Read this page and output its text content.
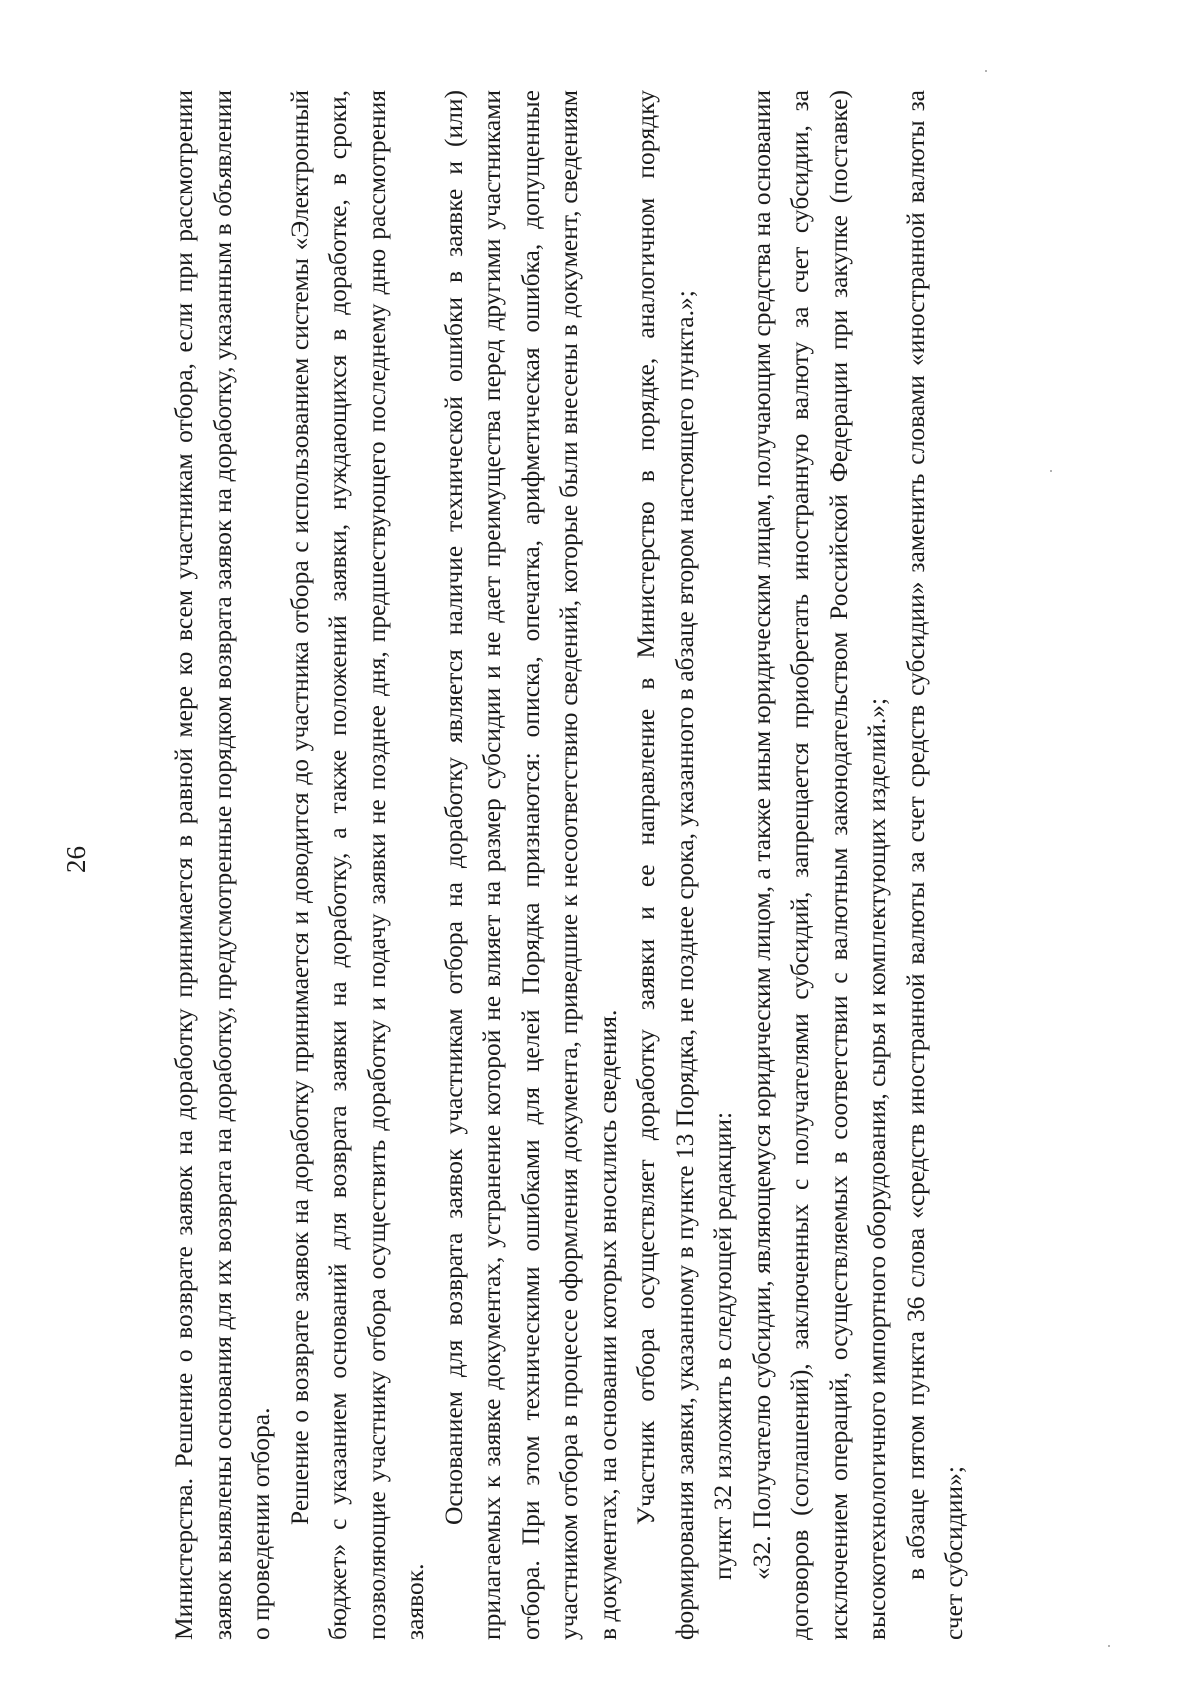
26	Министерства. Решение о возврате заявок на доработку принимается в равной мере ко всем участникам отбора, если при рассмотрении заявок выявлены основания для их возврата на доработку, предусмотренные порядком возврата заявок на доработку, указанным в объявлении о проведении отбора. Решение о возврате заявок на доработку принимается и доводится до участника отбора с использованием системы «Электронный бюджет» с указанием оснований для возврата заявки на доработку, а также положений заявки, нуждающихся в доработке, в сроки, позволяющие участнику отбора осуществить доработку и подачу заявки не позднее дня, предшествующего последнему дню рассмотрения заявок.

Основанием для возврата заявок участникам отбора на доработку является наличие технической ошибки в заявке и (или) прилагаемых к заявке документах, устранение которой не влияет на размер субсидии и не дает преимущества перед другими участниками отбора. При этом техническими ошибками для целей Порядка признаются: описка, опечатка, арифметическая ошибка, допущенные участником отбора в процессе оформления документа, приведшие к несоответствию сведений, которые были внесены в документ, сведениям в документах, на основании которых вносились сведения. Участник отбора осуществляет доработку заявки и ее направление в Министерство в порядке, аналогичном порядку формирования заявки, указанному в пункте 13 Порядка, не позднее срока, указанного в абзаце втором настоящего пункта.»; пункт 32 изложить в следующей редакции: «32. Получателю субсидии, являющемуся юридическим лицом, а также иным юридическим лицам, получающим средства на основании договоров (соглашений), заключенных с получателями субсидий, запрещается приобретать иностранную валюту за счет субсидии, за исключением операций, осуществляемых в соответствии с валютным законодательством Российской Федерации при закупке (поставке) высокотехнологичного импортного оборудования, сырья и комплектующих изделий.»; в абзаце пятом пункта 36 слова «средств иностранной валюты за счет средств субсидии» заменить словами «иностранной валюты за счет субсидии»;
